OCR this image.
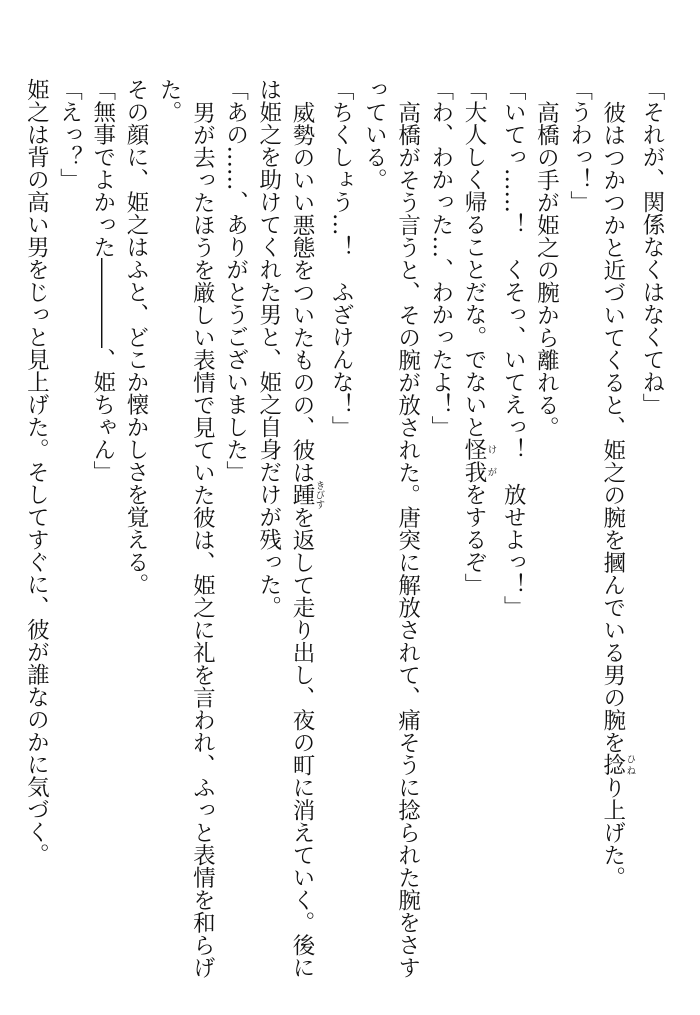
「それが、関係なくはなくてね」

彼はつかつかと近づいてくると、姫之の腕を摑んでいる男の腕を捻ひねり上げた。

「うわっ！」

高橋の手が姫之の腕から離れる。

「いてっ……！　くそっ、いてえっ！　放せよっ！」

「大人しく帰ることだな。でないと怪我けがをするぞ」

「わ、わかった…、わかったよ！」

高橋がそう言うと、その腕が放された。唐突に解放されて、痛そうに捻られた腕をさすっている。

「ちくしょう…！　ふざけんな！」

威勢のいい悪態をついたものの、彼は踵きびすを返して走り出し、夜の町に消えていく。後には姫之を助けてくれた男と、姫之自身だけが残った。

「あの……、ありがとうございました」

男が去ったほうを厳しい表情で見ていた彼は、姫之に礼を言われ、ふっと表情を和らげた。

その顔に、姫之はふと、どこか懐かしさを覚える。

「無事でよかった――――、姫ちゃん」

「えっ？」

姫之は背の高い男をじっと見上げた。そしてすぐに、彼が誰なのかに気づく。
